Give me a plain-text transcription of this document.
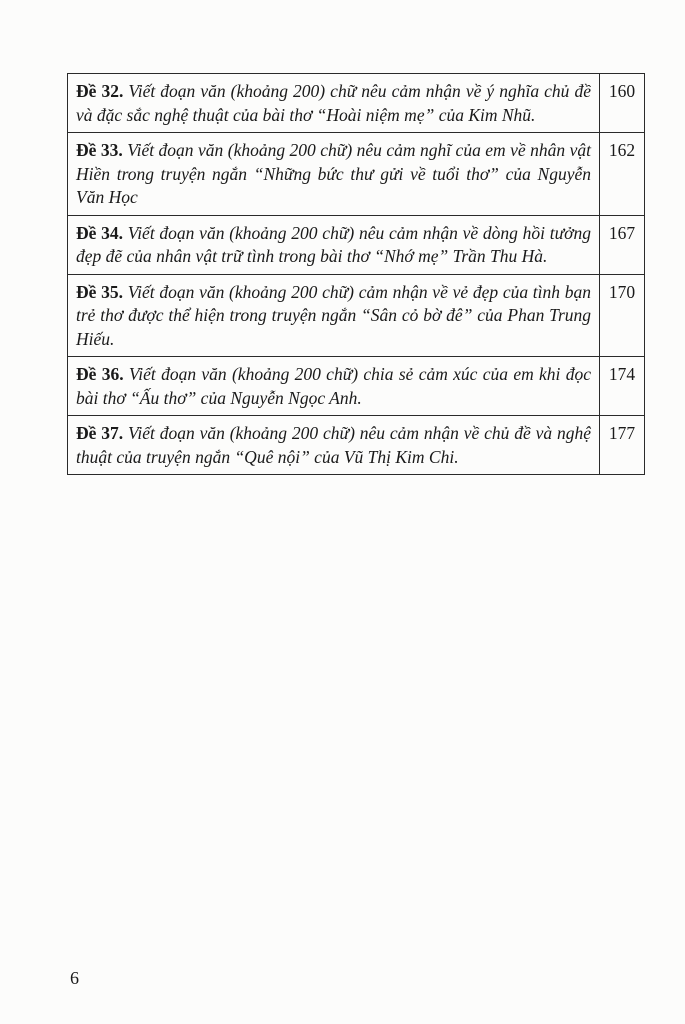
Đề 32. Viết đoạn văn (khoảng 200) chữ nêu cảm nhận về ý nghĩa chủ đề và đặc sắc nghệ thuật của bài thơ “Hoài niệm mẹ” của Kim Nhũ.	160
Đề 33. Viết đoạn văn (khoảng 200 chữ) nêu cảm nghĩ của em về nhân vật Hiền trong truyện ngắn “Những bức thư gửi về tuổi thơ” của Nguyễn Văn Học	162
Đề 34. Viết đoạn văn (khoảng 200 chữ) nêu cảm nhận về dòng hồi tưởng đẹp đẽ của nhân vật trữ tình trong bài thơ “Nhớ mẹ” Trần Thu Hà.	167
Đề 35. Viết đoạn văn (khoảng 200 chữ) cảm nhận về vẻ đẹp của tình bạn trẻ thơ được thể hiện trong truyện ngắn “Sân cỏ bờ đê” của Phan Trung Hiếu.	170
Đề 36. Viết đoạn văn (khoảng 200 chữ) chia sẻ cảm xúc của em khi đọc bài thơ “Ấu thơ” của Nguyễn Ngọc Anh.	174
Đề 37. Viết đoạn văn (khoảng 200 chữ) nêu cảm nhận về chủ đề và nghệ thuật của truyện ngắn “Quê nội” của Vũ Thị Kim Chi.	177
6
